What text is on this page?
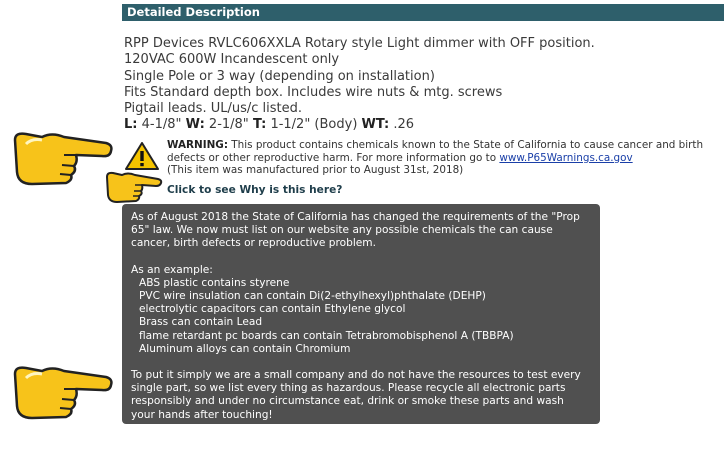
Detailed Description
RPP Devices RVLC606XXLA Rotary style Light dimmer with OFF position.
120VAC 600W Incandescent only
Single Pole or 3 way (depending on installation)
Fits Standard depth box. Includes wire nuts & mtg. screws
Pigtail leads. UL/us/c listed.
L: 4-1/8" W: 2-1/8" T: 1-1/2" (Body) WT: .26
WARNING: This product contains chemicals known to the State of California to cause cancer and birth defects or other reproductive harm. For more information go to www.P65Warnings.ca.gov
(This item was manufactured prior to August 31st, 2018)
Click to see Why is this here?

As of August 2018 the State of California has changed the requirements of the "Prop 65" law. We now must list on our website any possible chemicals the can cause cancer, birth defects or reproductive problem.

As an example:

ABS plastic contains styrene
PVC wire insulation can contain Di(2-ethylhexyl)phthalate (DEHP)
electrolytic capacitors can contain Ethylene glycol
Brass can contain Lead
flame retardant pc boards can contain Tetrabromobisphenol A (TBBPA)
Aluminum alloys can contain Chromium

To put it simply we are a small company and do not have the resources to test every single part, so we list every thing as hazardous. Please recycle all electronic parts responsibly and under no circumstance eat, drink or smoke these parts and wash your hands after touching!
